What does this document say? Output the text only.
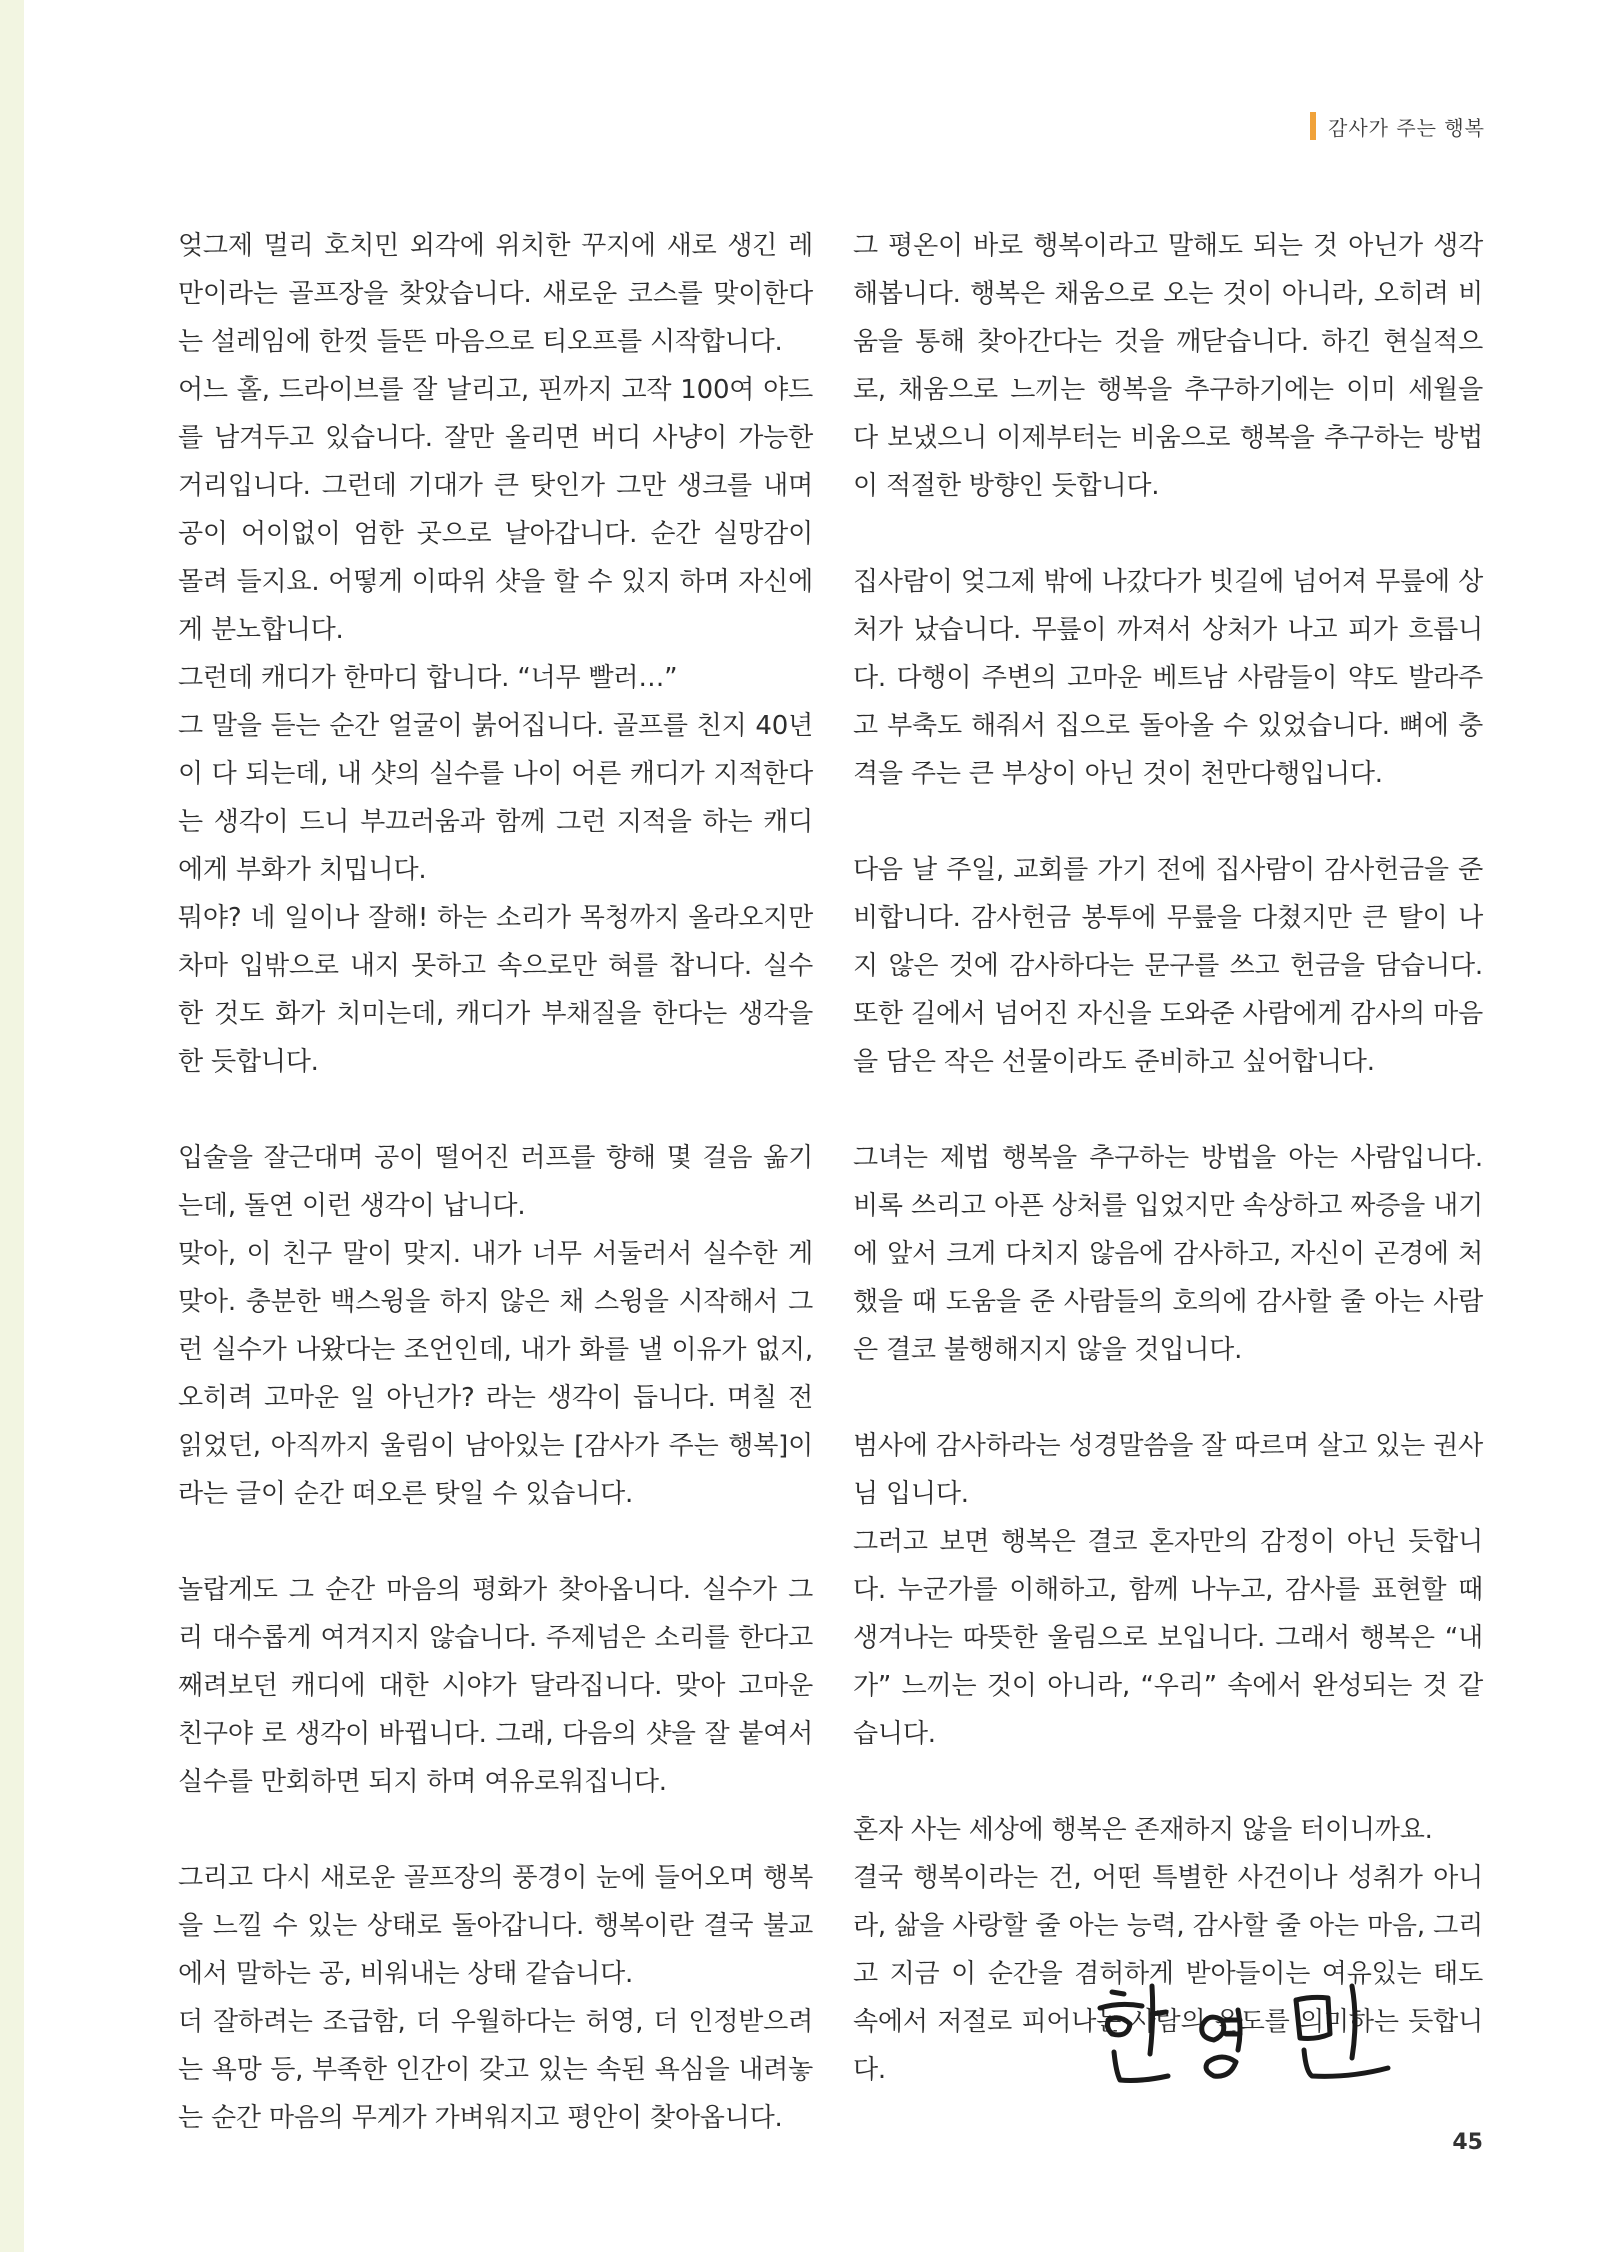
감사가 주는 행복

엊그제 멀리 호치민 외각에 위치한 꾸지에 새로 생긴 레만이라는 골프장을 찾았습니다. 새로운 코스를 맞이한다는 설레임에 한껏 들뜬 마음으로 티오프를 시작합니다.

어느 홀, 드라이브를 잘 날리고, 핀까지 고작 100여 야드를 남겨두고 있습니다. 잘만 올리면 버디 사냥이 가능한 거리입니다. 그런데 기대가 큰 탓인가 그만 생크를 내며 공이 어이없이 엄한 곳으로 날아갑니다. 순간 실망감이 몰려 들지요. 어떻게 이따위 샷을 할 수 있지 하며 자신에게 분노합니다.

그런데 캐디가 한마디 합니다. “너무 빨러…”

그 말을 듣는 순간 얼굴이 붉어집니다. 골프를 친지 40년이 다 되는데, 내 샷의 실수를 나이 어른 캐디가 지적한다는 생각이 드니 부끄러움과 함께 그런 지적을 하는 캐디에게 부화가 치밉니다.

뭐야? 네 일이나 잘해! 하는 소리가 목청까지 올라오지만 차마 입밖으로 내지 못하고 속으로만 혀를 찹니다. 실수한 것도 화가 치미는데, 캐디가 부채질을 한다는 생각을 한 듯합니다.

입술을 잘근대며 공이 떨어진 러프를 향해 몇 걸음 옮기는데, 돌연 이런 생각이 납니다.

맞아, 이 친구 말이 맞지. 내가 너무 서둘러서 실수한 게 맞아. 충분한 백스윙을 하지 않은 채 스윙을 시작해서 그런 실수가 나왔다는 조언인데, 내가 화를 낼 이유가 없지, 오히려 고마운 일 아닌가? 라는 생각이 듭니다. 며칠 전 읽었던, 아직까지 울림이 남아있는 [감사가 주는 행복]이라는 글이 순간 떠오른 탓일 수 있습니다.

놀랍게도 그 순간 마음의 평화가 찾아옵니다. 실수가 그리 대수롭게 여겨지지 않습니다. 주제넘은 소리를 한다고 째려보던 캐디에 대한 시야가 달라집니다. 맞아 고마운 친구야 로 생각이 바뀝니다. 그래, 다음의 샷을 잘 붙여서 실수를 만회하면 되지 하며 여유로워집니다.

그리고 다시 새로운 골프장의 풍경이 눈에 들어오며 행복을 느낄 수 있는 상태로 돌아갑니다. 행복이란 결국 불교에서 말하는 공, 비워내는 상태 같습니다.

더 잘하려는 조급함, 더 우월하다는 허영, 더 인정받으려는 욕망 등, 부족한 인간이 갖고 있는 속된 욕심을 내려놓는 순간 마음의 무게가 가벼워지고 평안이 찾아옵니다.

그 평온이 바로 행복이라고 말해도 되는 것 아닌가 생각해봅니다. 행복은 채움으로 오는 것이 아니라, 오히려 비움을 통해 찾아간다는 것을 깨닫습니다. 하긴 현실적으로, 채움으로 느끼는 행복을 추구하기에는 이미 세월을 다 보냈으니 이제부터는 비움으로 행복을 추구하는 방법이 적절한 방향인 듯합니다.

집사람이 엊그제 밖에 나갔다가 빗길에 넘어져 무릎에 상처가 났습니다. 무릎이 까져서 상처가 나고 피가 흐릅니다. 다행이 주변의 고마운 베트남 사람들이 약도 발라주고 부축도 해줘서 집으로 돌아올 수 있었습니다. 뼈에 충격을 주는 큰 부상이 아닌 것이 천만다행입니다.

다음 날 주일, 교회를 가기 전에 집사람이 감사헌금을 준비합니다. 감사헌금 봉투에 무릎을 다쳤지만 큰 탈이 나지 않은 것에 감사하다는 문구를 쓰고 헌금을 담습니다. 또한 길에서 넘어진 자신을 도와준 사람에게 감사의 마음을 담은 작은 선물이라도 준비하고 싶어합니다.

그녀는 제법 행복을 추구하는 방법을 아는 사람입니다. 비록 쓰리고 아픈 상처를 입었지만 속상하고 짜증을 내기에 앞서 크게 다치지 않음에 감사하고, 자신이 곤경에 처했을 때 도움을 준 사람들의 호의에 감사할 줄 아는 사람은 결코 불행해지지 않을 것입니다.

범사에 감사하라는 성경말씀을 잘 따르며 살고 있는 권사님 입니다.

그러고 보면 행복은 결코 혼자만의 감정이 아닌 듯합니다. 누군가를 이해하고, 함께 나누고, 감사를 표현할 때 생겨나는 따뜻한 울림으로 보입니다. 그래서 행복은 “내가” 느끼는 것이 아니라, “우리” 속에서 완성되는 것 같습니다.

혼자 사는 세상에 행복은 존재하지 않을 터이니까요.

결국 행복이라는 건, 어떤 특별한 사건이나 성취가 아니라, 삶을 사랑할 줄 아는 능력, 감사할 줄 아는 마음, 그리고 지금 이 순간을 겸허하게 받아들이는 여유있는 태도 속에서 저절로 피어나는 사람의 온도를 의미하는 듯합니다.

45
